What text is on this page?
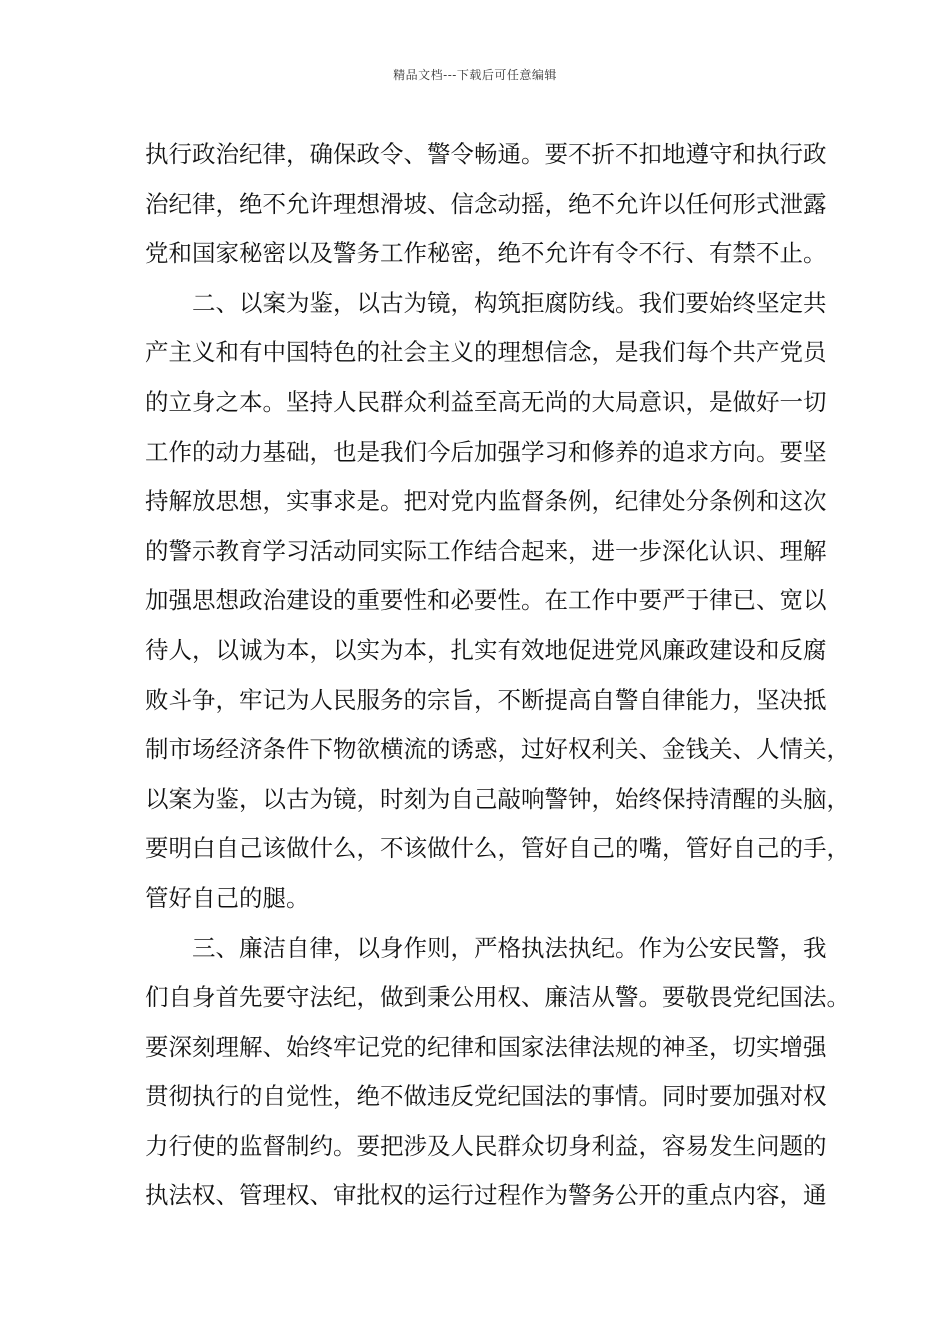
精品文档---下载后可任意编辑
执行政治纪律，确保政令、警令畅通。要不折不扣地遵守和执行政
治纪律，绝不允许理想滑坡、信念动摇，绝不允许以任何形式泄露
党和国家秘密以及警务工作秘密，绝不允许有令不行、有禁不止。
二、以案为鉴，以古为镜，构筑拒腐防线。我们要始终坚定共
产主义和有中国特色的社会主义的理想信念，是我们每个共产党员
的立身之本。坚持人民群众利益至高无尚的大局意识，是做好一切
工作的动力基础，也是我们今后加强学习和修养的追求方向。要坚
持解放思想，实事求是。把对党内监督条例，纪律处分条例和这次
的警示教育学习活动同实际工作结合起来，进一步深化认识、理解
加强思想政治建设的重要性和必要性。在工作中要严于律已、宽以
待人，以诚为本，以实为本，扎实有效地促进党风廉政建设和反腐
败斗争，牢记为人民服务的宗旨，不断提高自警自律能力，坚决抵
制市场经济条件下物欲横流的诱惑，过好权利关、金钱关、人情关，
以案为鉴，以古为镜，时刻为自己敲响警钟，始终保持清醒的头脑，
要明白自己该做什么，不该做什么，管好自己的嘴，管好自己的手，
管好自己的腿。
三、廉洁自律，以身作则，严格执法执纪。作为公安民警，我
们自身首先要守法纪，做到秉公用权、廉洁从警。要敬畏党纪国法。
要深刻理解、始终牢记党的纪律和国家法律法规的神圣，切实增强
贯彻执行的自觉性，绝不做违反党纪国法的事情。同时要加强对权
力行使的监督制约。要把涉及人民群众切身利益，容易发生问题的
执法权、管理权、审批权的运行过程作为警务公开的重点内容，通
